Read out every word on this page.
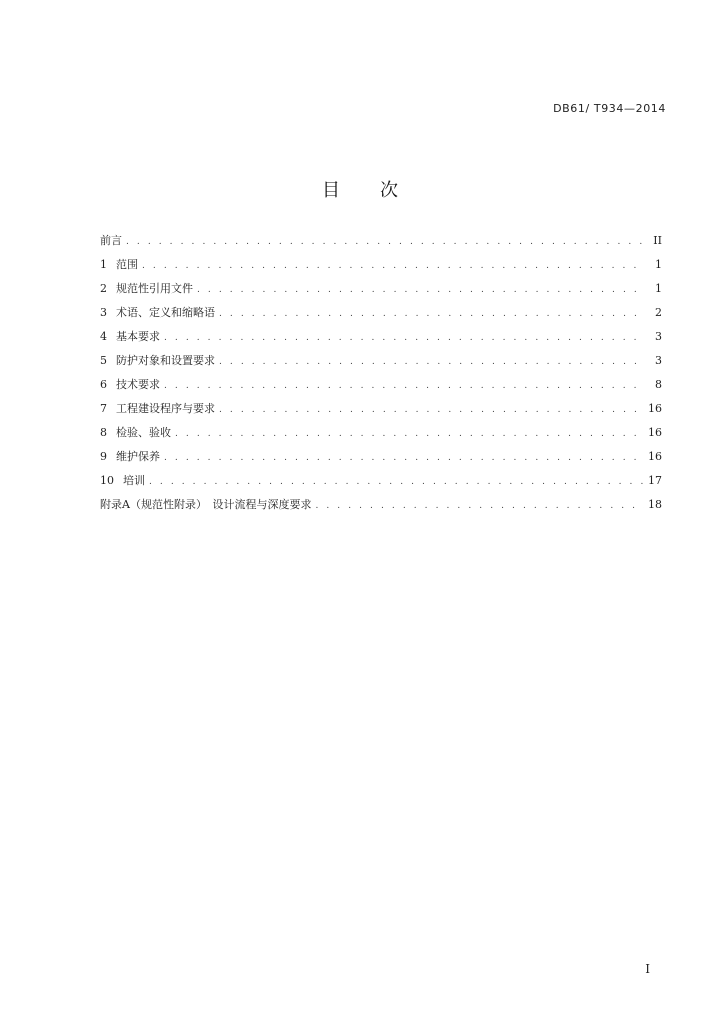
DB61/ T934—2014
目次
前言 . . .	II
1 范围 . . .	1
2 规范性引用文件 . . .	1
3 术语、定义和缩略语 . . .	2
4 基本要求 . . .	3
5 防护对象和设置要求 . . .	3
6 技术要求 . . .	8
7 工程建设程序与要求 . . .	16
8 检验、验收 . . .	16
9 维护保养 . . .	16
10 培训 . . .	17
附录A（规范性附录）　设计流程与深度要求 . . .	18
I
